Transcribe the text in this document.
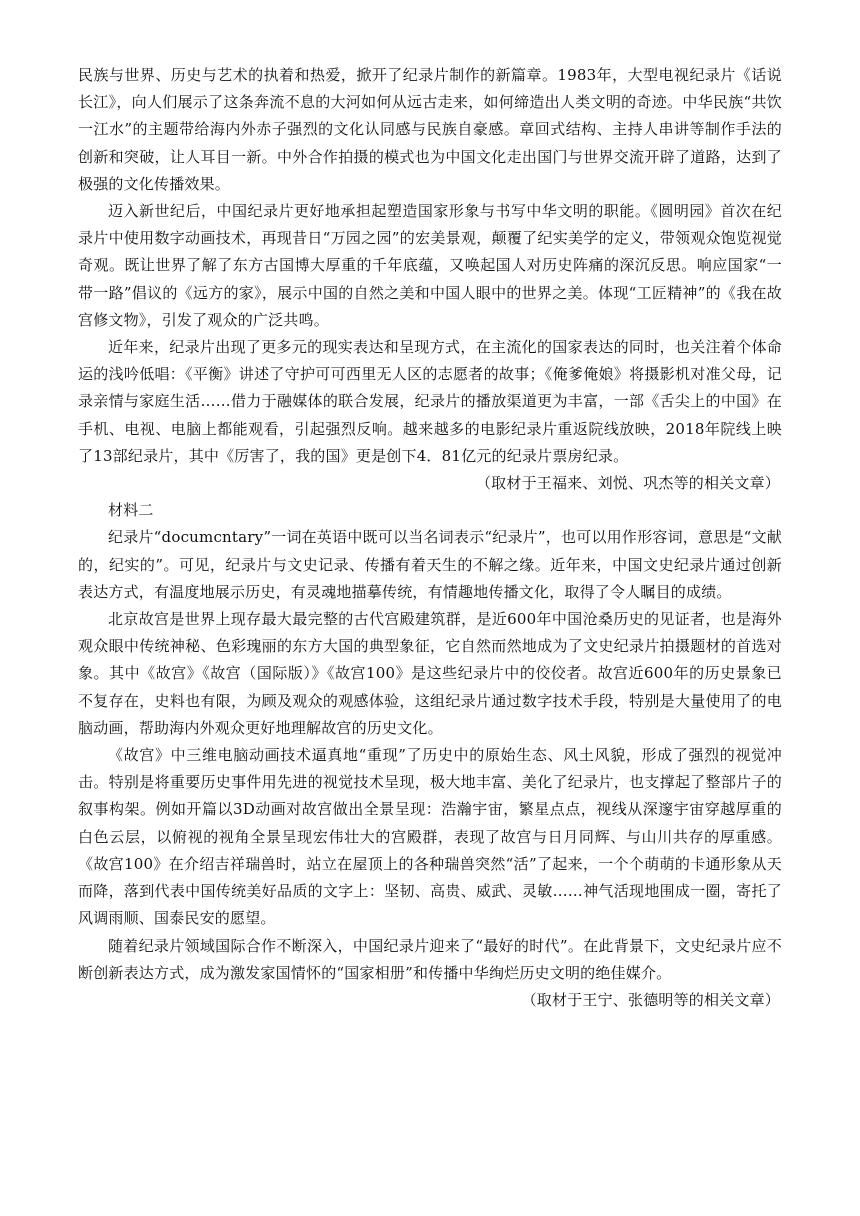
民族与世界、历史与艺术的执着和热爱，掀开了纪录片制作的新篇章。1983年，大型电视纪录片《话说长江》，向人们展示了这条奔流不息的大河如何从远古走来，如何缔造出人类文明的奇迹。中华民族“共饮一江水”的主题带给海内外赤子强烈的文化认同感与民族自豪感。章回式结构、主持人串讲等制作手法的创新和突破，让人耳目一新。中外合作拍摄的模式也为中国文化走出国门与世界交流开辟了道路，达到了极强的文化传播效果。

迈入新世纪后，中国纪录片更好地承担起塑造国家形象与书写中华文明的职能。《圆明园》首次在纪录片中使用数字动画技术，再现昔日“万园之园”的宏美景观，颠覆了纪实美学的定义，带领观众饱览视觉奇观。既让世界了解了东方古国博大厚重的千年底蕴，又唤起国人对历史阵痛的深沉反思。响应国家“一带一路”倡议的《远方的家》，展示中国的自然之美和中国人眼中的世界之美。体现“工匠精神”的《我在故宫修文物》，引发了观众的广泛共鸣。

近年来，纪录片出现了更多元的现实表达和呈现方式，在主流化的国家表达的同时，也关注着个体命运的浅吟低唱：《平衡》讲述了守护可可西里无人区的志愿者的故事；《俺爹俺娘》将摄影机对准父母，记录亲情与家庭生活……借力于融媒体的联合发展，纪录片的播放渠道更为丰富，一部《舌尖上的中国》在手机、电视、电脑上都能观看，引起强烈反响。越来越多的电影纪录片重返院线放映，2018年院线上映了13部纪录片，其中《厉害了，我的国》更是创下4．81亿元的纪录片票房纪录。

（取材于王福来、刘悦、巩杰等的相关文章）

材料二

纪录片“documcntary”一词在英语中既可以当名词表示“纪录片”，也可以用作形容词，意思是“文献的，纪实的”。可见，纪录片与文史记录、传播有着天生的不解之缘。近年来，中国文史纪录片通过创新表达方式，有温度地展示历史，有灵魂地描摹传统，有情趣地传播文化，取得了令人瞩目的成绩。

北京故宫是世界上现存最大最完整的古代宫殿建筑群，是近600年中国沧桑历史的见证者，也是海外观众眼中传统神秘、色彩瑰丽的东方大国的典型象征，它自然而然地成为了文史纪录片拍摄题材的首选对象。其中《故宫》《故宫（国际版）》《故宫100》是这些纪录片中的佼佼者。故宫近600年的历史景象已不复存在，史料也有限，为顾及观众的观感体验，这组纪录片通过数字技术手段，特别是大量使用了的电脑动画，帮助海内外观众更好地理解故宫的历史文化。

《故宫》中三维电脑动画技术逼真地“重现”了历史中的原始生态、风土风貌，形成了强烈的视觉冲击。特别是将重要历史事件用先进的视觉技术呈现，极大地丰富、美化了纪录片，也支撑起了整部片子的叙事构架。例如开篇以3D动画对故宫做出全景呈现：浩瀚宇宙，繁星点点，视线从深邃宇宙穿越厚重的白色云层，以俯视的视角全景呈现宏伟壮大的宫殿群，表现了故宫与日月同辉、与山川共存的厚重感。《故宫100》在介绍吉祥瑞兽时，站立在屋顶上的各种瑞兽突然“活”了起来，一个个萌萌的卡通形象从天而降，落到代表中国传统美好品质的文字上：坚韧、高贵、威武、灵敏……神气活现地围成一圈，寄托了风调雨顺、国泰民安的愿望。

随着纪录片领域国际合作不断深入，中国纪录片迎来了“最好的时代”。在此背景下，文史纪录片应不断创新表达方式，成为激发家国情怀的“国家相册”和传播中华绚烂历史文明的绝佳媒介。

（取材于王宁、张德明等的相关文章）
